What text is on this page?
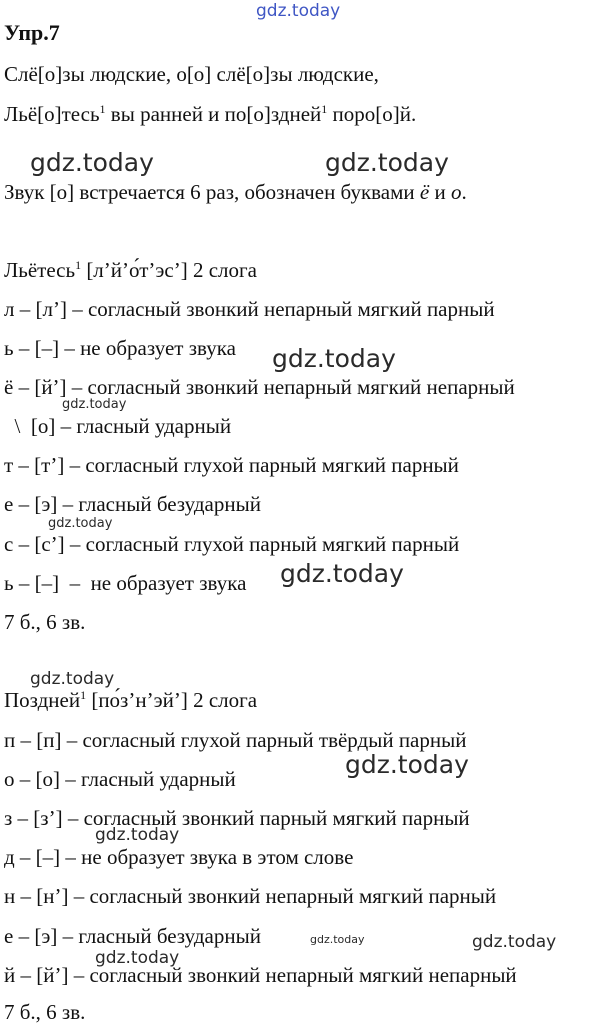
gdz.today
gdz.today	gdz.today
gdz.today
gdz.today
gdz.today
gdz.today
gdz.today
gdz.today
gdz.today
gdz.today	gdz.today
gdz.today
Упр.7
Слё[о]зы людские, о[о] слё[о]зы людские,
Льё[о]тесь$^1$ вы ранней и по[о]здней$^1$ поро[о]й.
Звук [о] встречается 6 раз, обозначен буквами ё и о.
Льётесь$^1$ [л’й’о́т’эс’] 2 слога
л – [л’] – согласный звонкий непарный мягкий парный
ь – [–] – не образует звука
ё – [й’] – согласный звонкий непарный мягкий непарный
\  [о] – гласный ударный
т – [т’] – согласный глухой парный мягкий парный
е – [э] – гласный безударный
с – [с’] – согласный глухой парный мягкий парный
ь – [–]  –  не образует звука
7 б., 6 зв.
Поздней$^1$ [по́з’н’эй’] 2 слога
п – [п] – согласный глухой парный твёрдый парный
о – [о] – гласный ударный
з – [з’] – согласный звонкий парный мягкий парный
д – [–] – не образует звука в этом слове
н – [н’] – согласный звонкий непарный мягкий парный
е – [э] – гласный безударный
й – [й’] – согласный звонкий непарный мягкий непарный
7 б., 6 зв.
